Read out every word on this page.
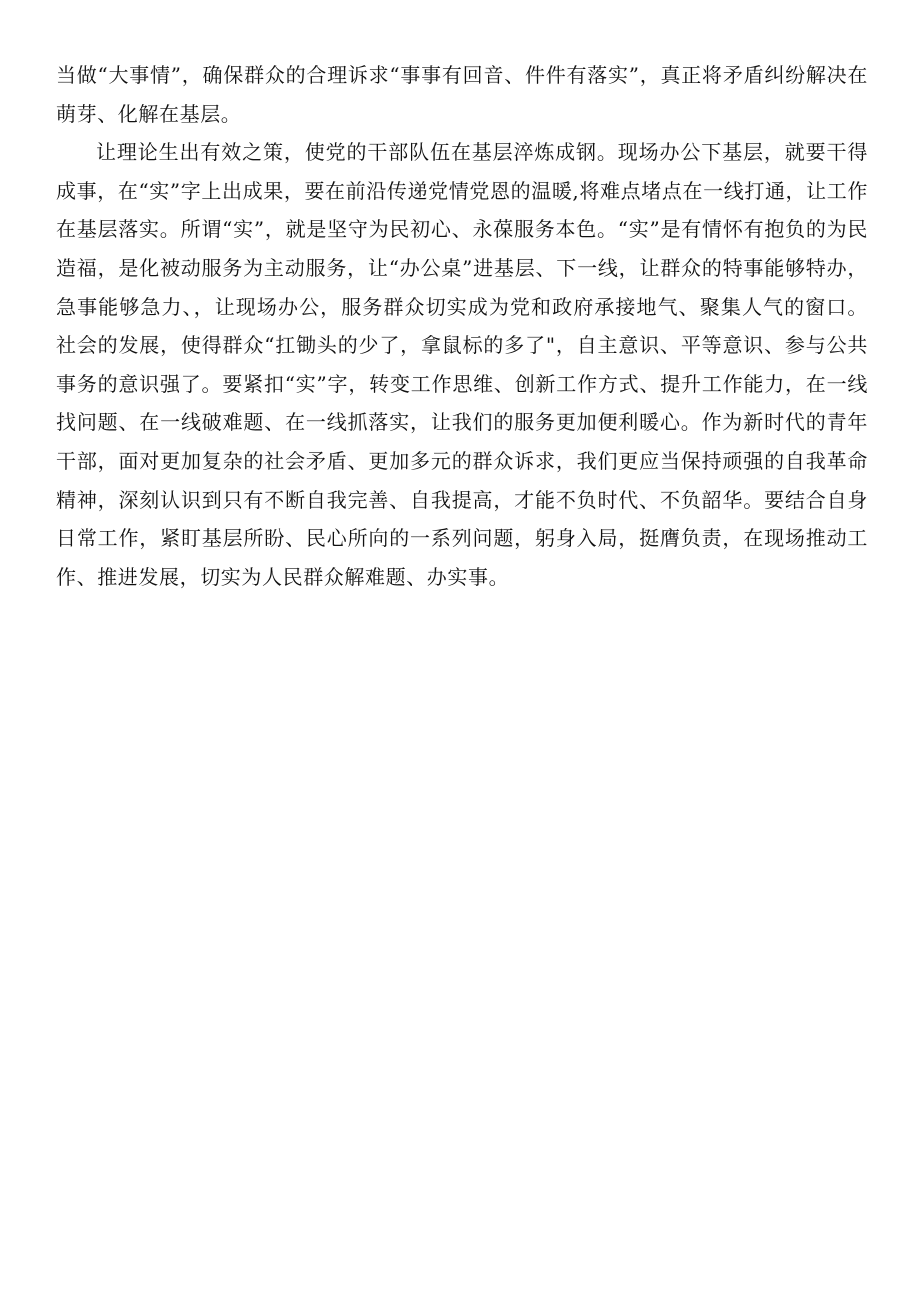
当做“大事情”，确保群众的合理诉求“事事有回音、件件有落实”，真正将矛盾纠纷解决在萌芽、化解在基层。

让理论生出有效之策，使党的干部队伍在基层淬炼成钢。现场办公下基层，就要干得成事，在“实”字上出成果，要在前沿传递党情党恩的温暖,将难点堵点在一线打通，让工作在基层落实。所谓“实”，就是坚守为民初心、永葆服务本色。“实”是有情怀有抱负的为民造福，是化被动服务为主动服务，让“办公桌”进基层、下一线，让群众的特事能够特办，急事能够急力、，让现场办公，服务群众切实成为党和政府承接地气、聚集人气的窗口。社会的发展，使得群众“扛锄头的少了，拿鼠标的多了"，自主意识、平等意识、参与公共事务的意识强了。要紧扣“实”字，转变工作思维、创新工作方式、提升工作能力，在一线找问题、在一线破难题、在一线抓落实，让我们的服务更加便利暖心。作为新时代的青年干部，面对更加复杂的社会矛盾、更加多元的群众诉求，我们更应当保持顽强的自我革命精神，深刻认识到只有不断自我完善、自我提高，才能不负时代、不负韶华。要结合自身日常工作，紧盯基层所盼、民心所向的一系列问题，躬身入局，挺膺负责，在现场推动工作、推进发展，切实为人民群众解难题、办实事。
